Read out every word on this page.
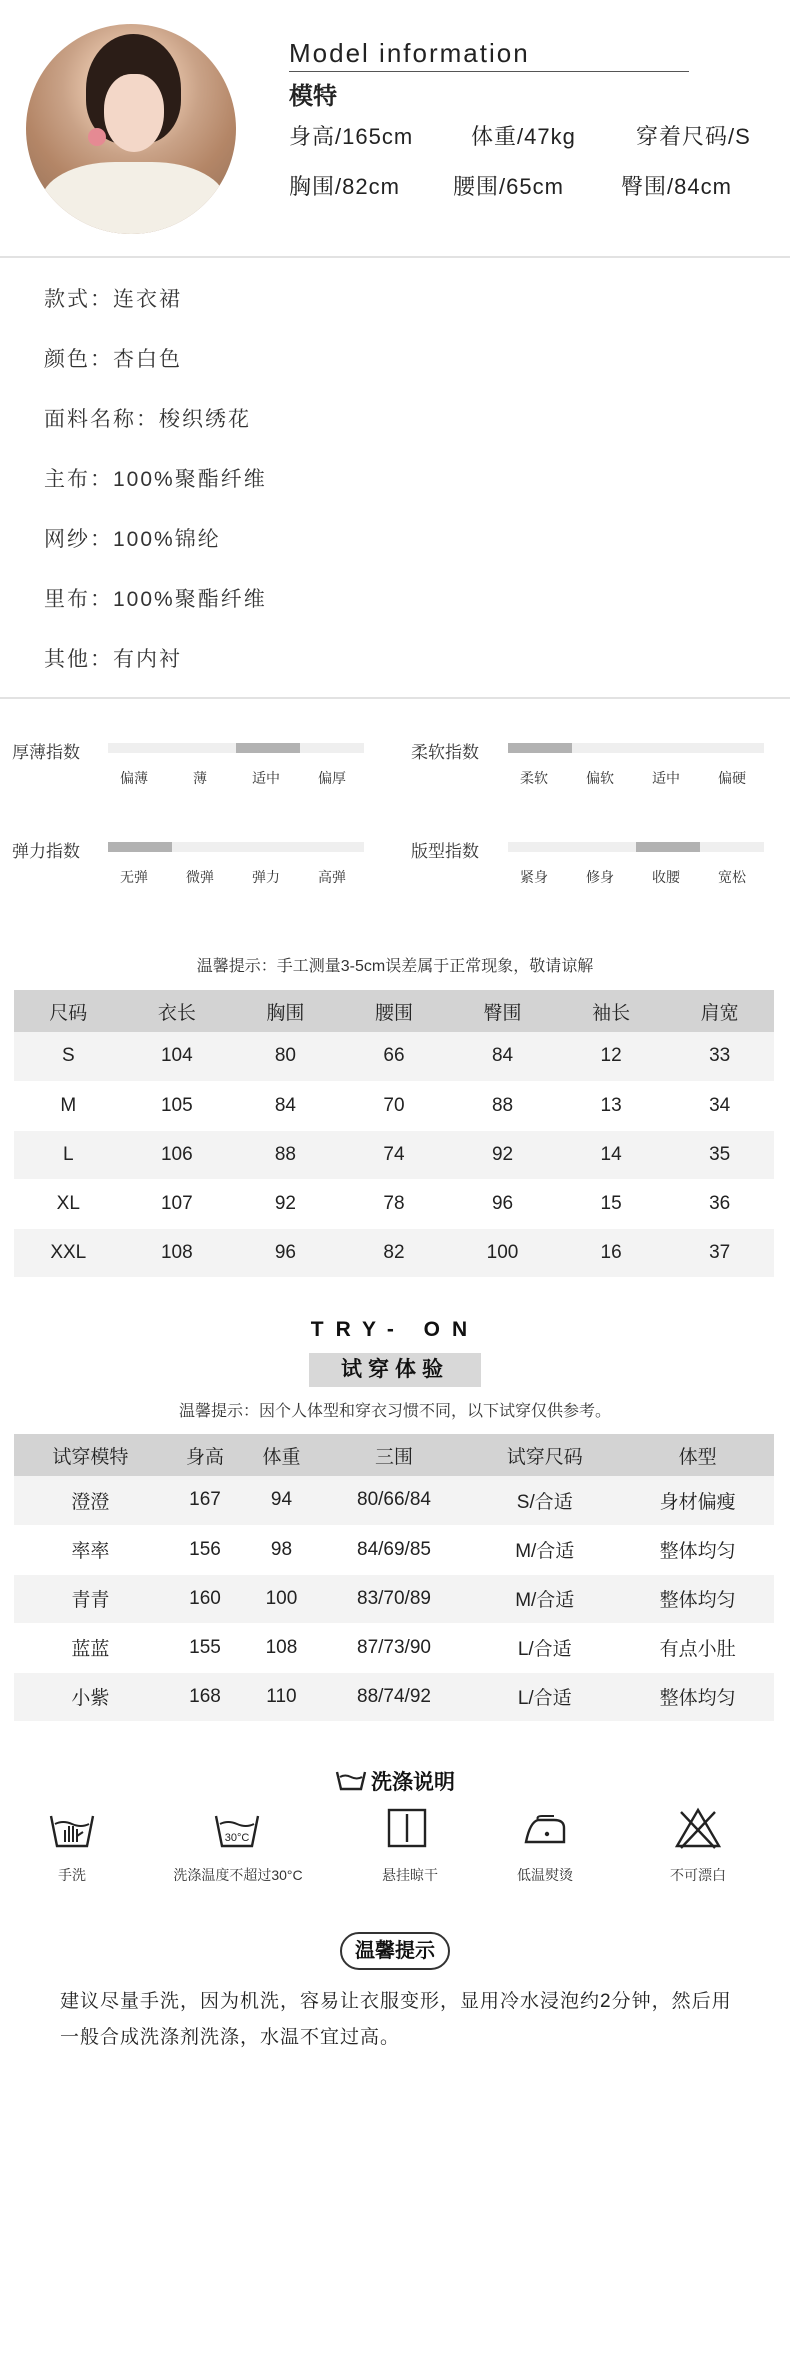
Model information
模特
身高/165cm	体重/47kg	穿着尺码/S
胸围/82cm 腰围/65cm	臀围/84cm
款式：连衣裙
颜色：杏白色
面料名称：梭织绣花
主布：100%聚酯纤维
网纱：100%锦纶
里布：100%聚酯纤维
其他：有内衬
厚薄指数
偏薄	薄	适中	偏厚
柔软指数
柔软	偏软	适中	偏硬
弹力指数
无弹	微弹	弹力	高弹
版型指数
紧身	修身	收腰	宽松
温馨提示：手工测量3-5cm误差属于正常现象，敬请谅解
尺码	衣长	胸围	腰围	臀围	袖长	肩宽
S	104	80	66	84	12	33
M	105	84	70	88	13	34
L	106	88	74	92	14	35
XL	107	92	78	96	15	36
XXL	108	96	82	100	16	37
TRY- ON
试穿体验
温馨提示：因个人体型和穿衣习惯不同，以下试穿仅供参考。
试穿模特	身高	体重	三围	试穿尺码	体型
澄澄	167	94	80/66/84	S/合适	身材偏瘦
率率	156	98	84/69/85	M/合适	整体均匀
青青	160	100	83/70/89	M/合适	整体均匀
蓝蓝	155	108	87/73/90	L/合适	有点小肚
小紫	168	110	88/74/92	L/合适	整体均匀
洗涤说明
30°C
手洗	洗涤温度不超过30°C	悬挂晾干	低温熨烫	不可漂白
温馨提示
建议尽量手洗，因为机洗，容易让衣服变形，显用冷水浸泡约2分钟，然后用一般合成洗涤剂洗涤，水温不宜过高。
